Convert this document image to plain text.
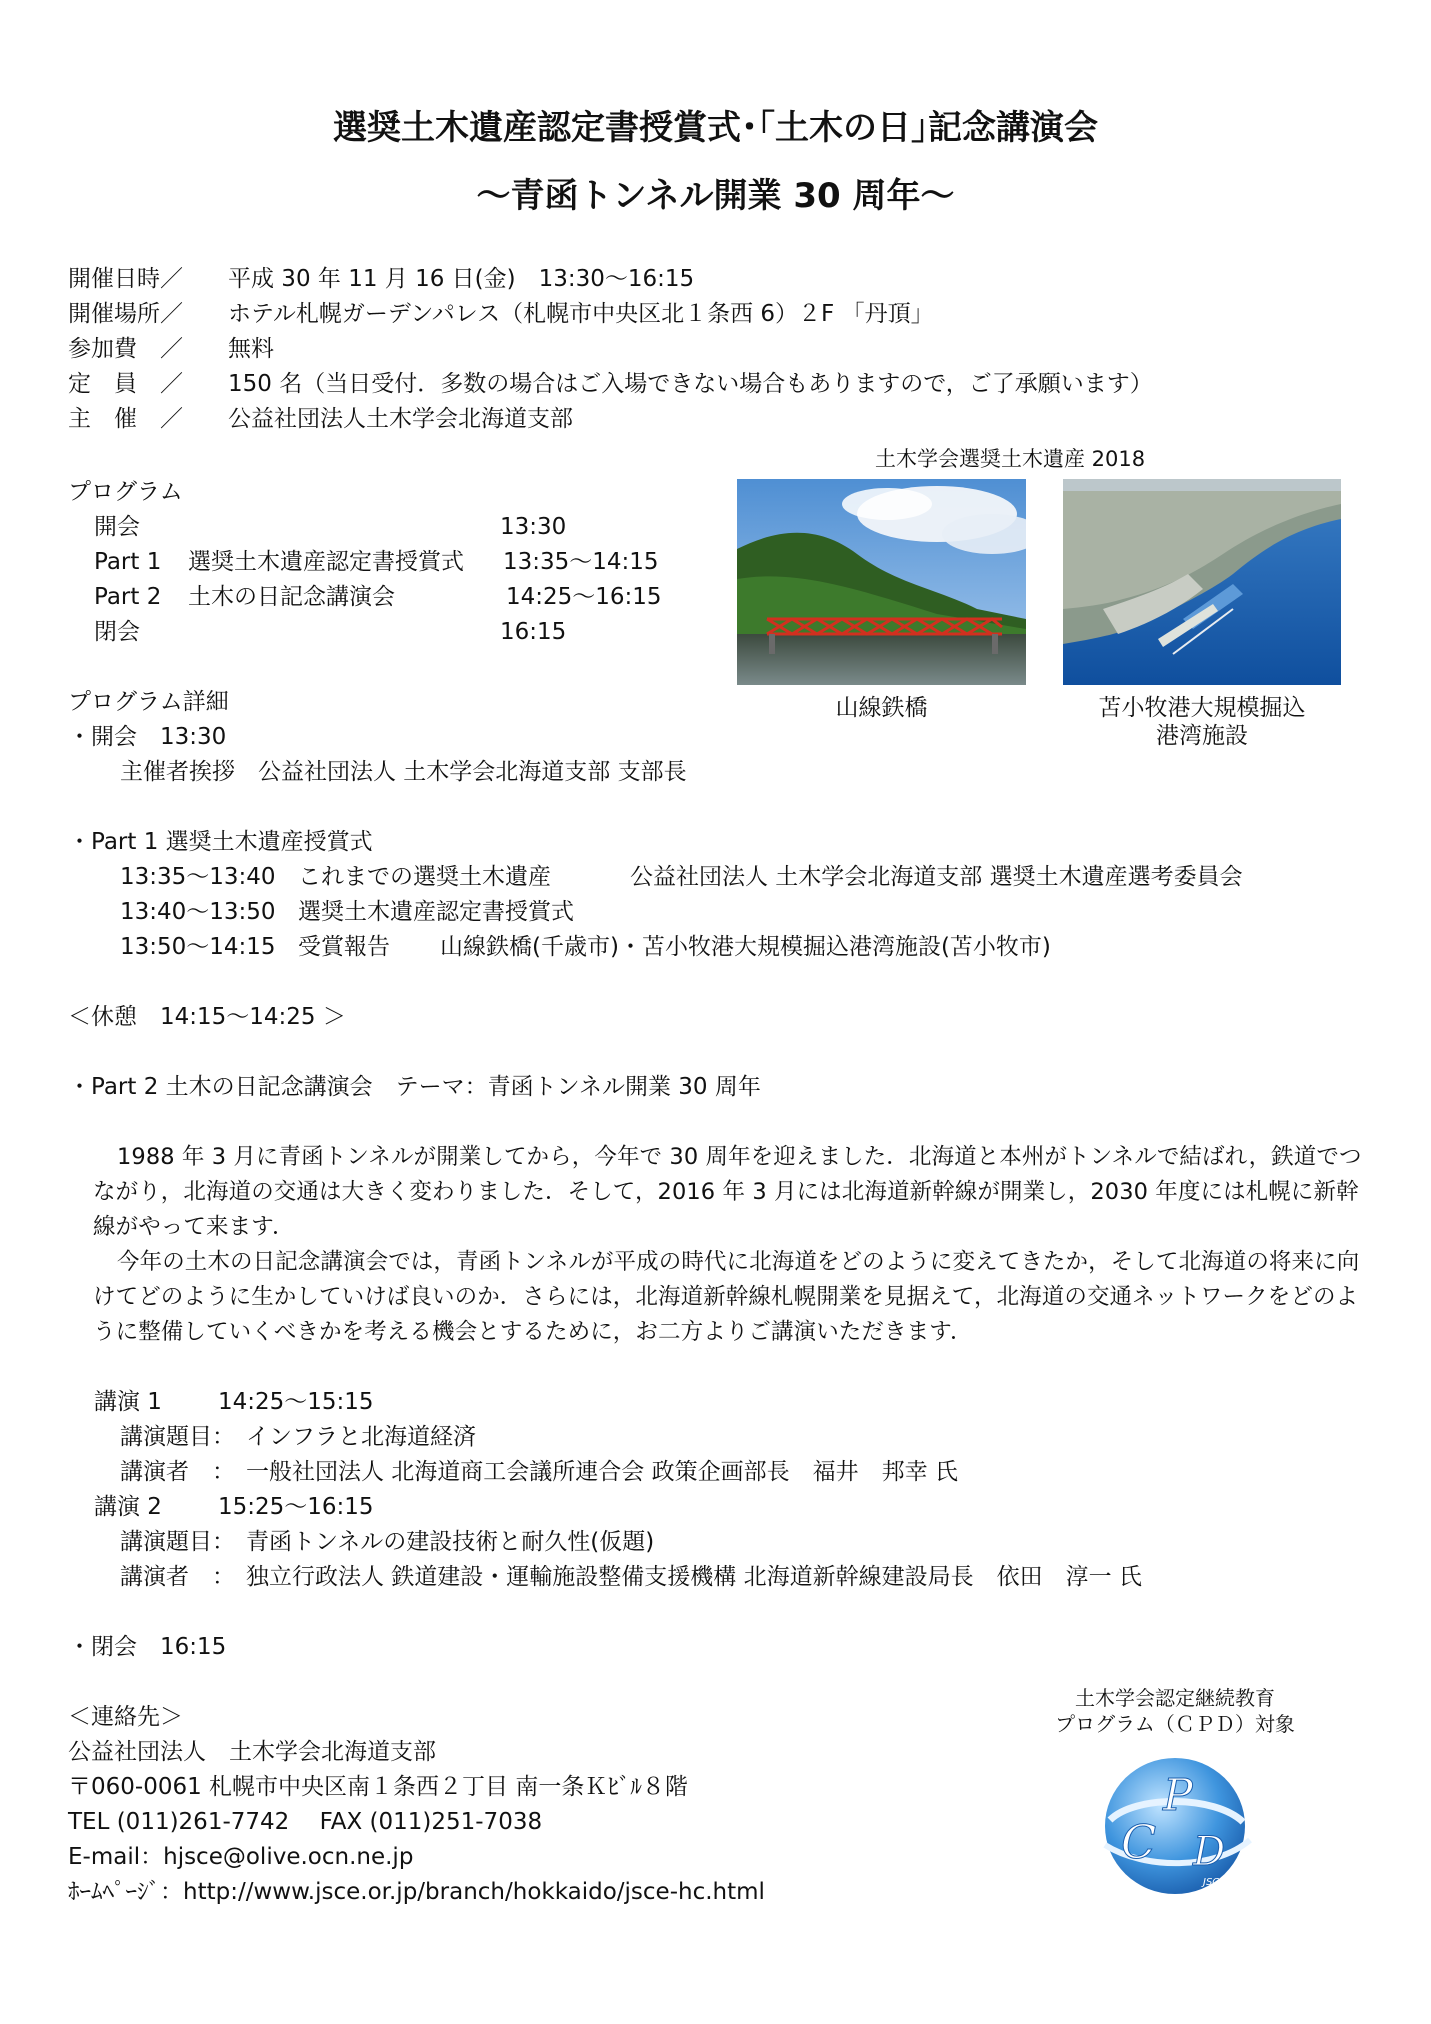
選奨土木遺産認定書授賞式･｢土木の日｣記念講演会
～青函トンネル開業 30 周年～
開催日時／ 平成 30 年 11 月 16 日(金)　13:30～16:15
開催場所／ ホテル札幌ガーデンパレス（札幌市中央区北１条西 6）２F 「丹頂」
参加費　／ 無料
定　員　／ 150 名（当日受付．多数の場合はご入場できない場合もありますので，ご了承願います）
主　催　／ 公益社団法人土木学会北海道支部
プログラム
開会	13:30
Part 1 選奨土木遺産認定書授賞式 13:35～14:15
Part 2 土木の日記念講演会	14:25～16:15
閉会	16:15
土木学会選奨土木遺産 2018
山線鉄橋	苫小牧港大規模掘込
港湾施設
プログラム詳細
・開会　13:30
主催者挨拶　公益社団法人 土木学会北海道支部 支部長
・Part 1 選奨土木遺産授賞式
13:35～13:40 これまでの選奨土木遺産	公益社団法人 土木学会北海道支部 選奨土木遺産選考委員会
13:40～13:50 選奨土木遺産認定書授賞式
13:50～14:15 受賞報告 山線鉄橋(千歳市)・苫小牧港大規模掘込港湾施設(苫小牧市)
＜休憩　14:15～14:25 ＞
・Part 2 土木の日記念講演会　テーマ：青函トンネル開業 30 周年
1988 年 3 月に青函トンネルが開業してから，今年で 30 周年を迎えました．北海道と本州がトンネルで結ばれ，鉄道でつながり，北海道の交通は大きく変わりました．そして，2016 年 3 月には北海道新幹線が開業し，2030 年度には札幌に新幹線がやって来ます．
今年の土木の日記念講演会では，青函トンネルが平成の時代に北海道をどのように変えてきたか，そして北海道の将来に向けてどのように生かしていけば良いのか．さらには，北海道新幹線札幌開業を見据えて，北海道の交通ネットワークをどのように整備していくべきかを考える機会とするために，お二方よりご講演いただきます．
講演 1 14:25～15:15
講演題目： インフラと北海道経済
講演者　： 一般社団法人 北海道商工会議所連合会 政策企画部長　福井　邦幸 氏
講演 2 15:25～16:15
講演題目： 青函トンネルの建設技術と耐久性(仮題)
講演者　： 独立行政法人 鉄道建設・運輸施設整備支援機構 北海道新幹線建設局長　依田　淳一 氏
・閉会　16:15
＜連絡先＞
公益社団法人　土木学会北海道支部
〒060-0061 札幌市中央区南１条西２丁目 南一条Ｋﾋﾞﾙ８階
TEL (011)261-7742　 FAX (011)251-7038
E-mail：hjsce@olive.ocn.ne.jp
ﾎｰﾑﾍﾟｰｼﾞ：http://www.jsce.or.jp/branch/hokkaido/jsce-hc.html
土木学会認定継続教育
プログラム（ＣＰＤ）対象
P
C D
JSCE
